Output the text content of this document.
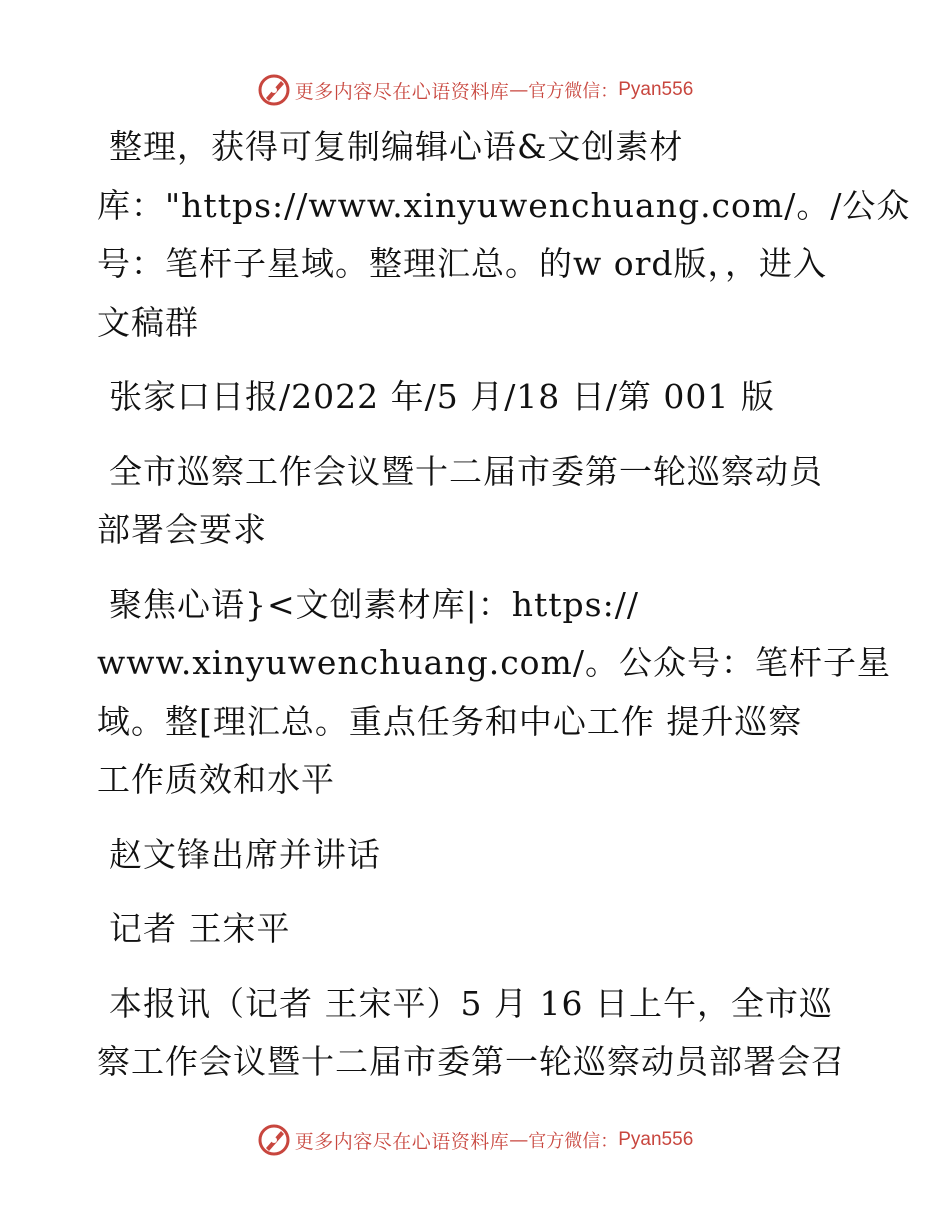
更多内容尽在心语资料库 — 官方微信： Pyan556
整理，获得可复制编辑心语&文创素材
库："https://www.xinyuwenchuang.com/。/公众
号：笔杆子星域。整理汇总。的w ord版，，进入
文稿群
张家口日报/2022 年/5 月/18 日/第 001 版
全市巡察工作会议暨十二届市委第一轮巡察动员
部署会要求
聚焦心语}<文创素材库|：https://
www.xinyuwenchuang.com/。公众号：笔杆子星
域。整[理汇总。重点任务和中心工作 提升巡察
工作质效和水平
赵文锋出席并讲话
记者 王宋平
本报讯（记者 王宋平）5 月 16 日上午，全市巡
察工作会议暨十二届市委第一轮巡察动员部署会召
更多内容尽在心语资料库 — 官方微信： Pyan556
